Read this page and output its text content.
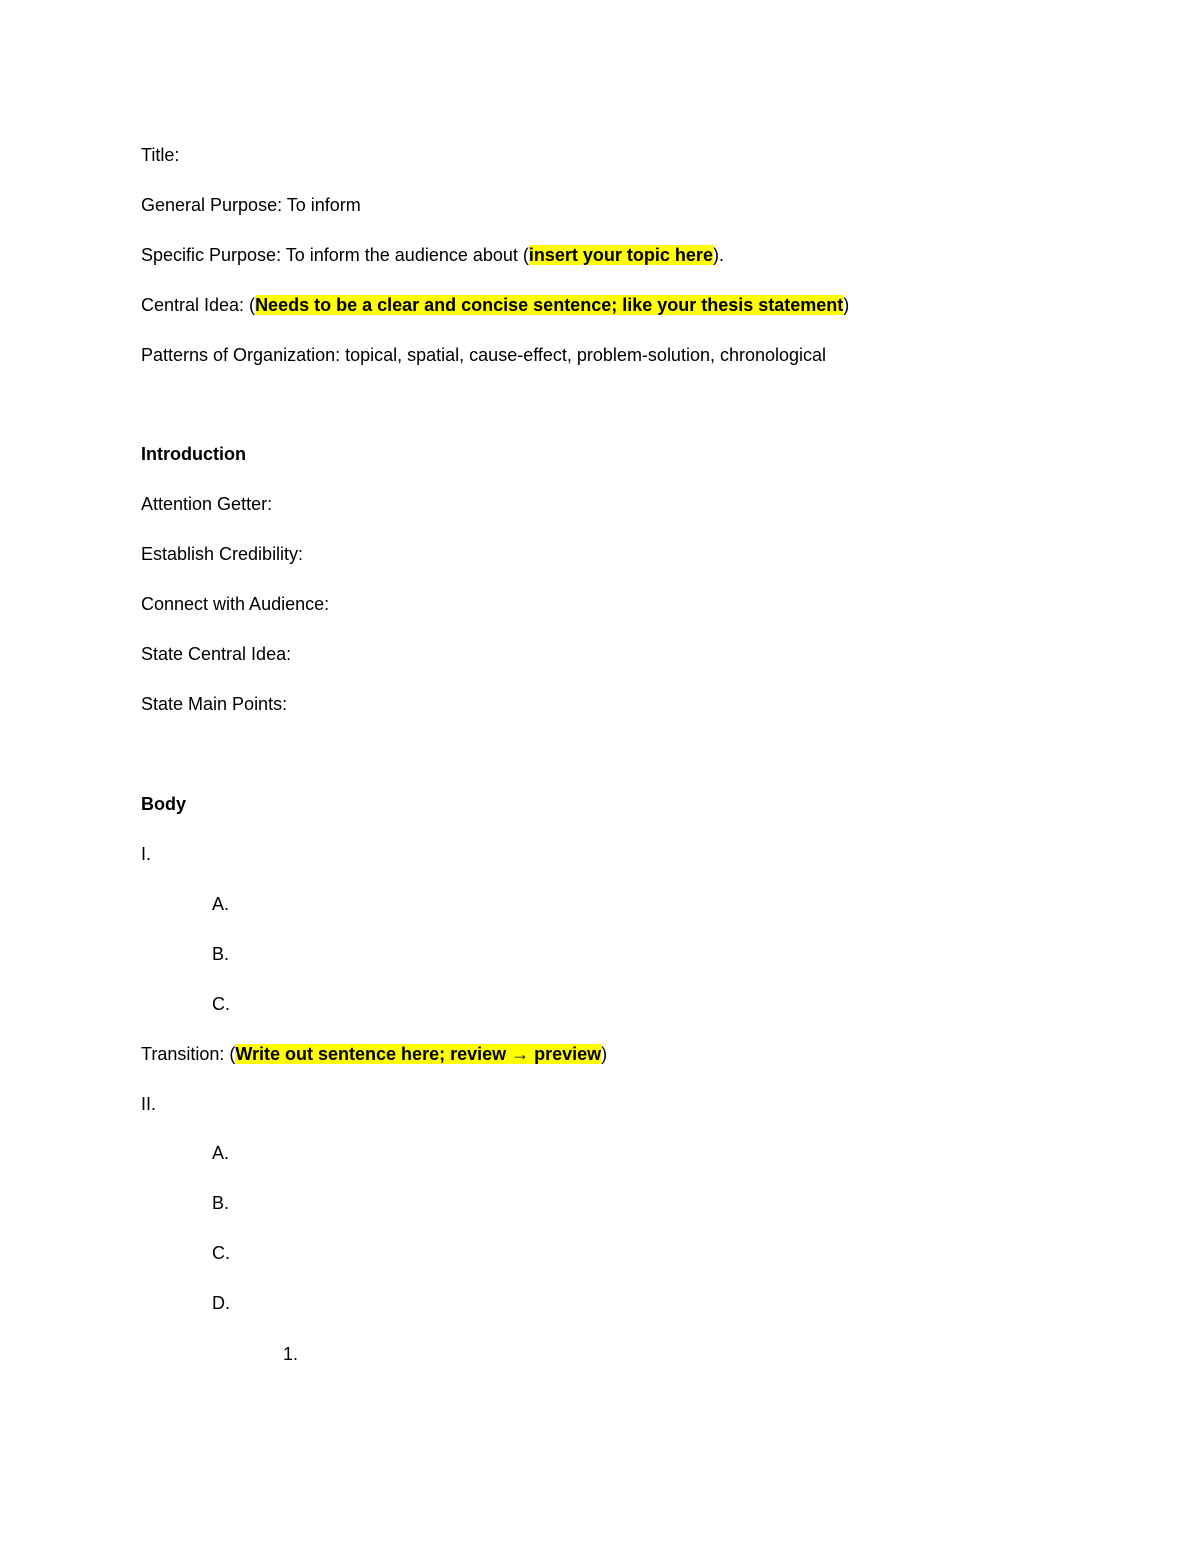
Title:
General Purpose: To inform
Specific Purpose: To inform the audience about (insert your topic here).
Central Idea: (Needs to be a clear and concise sentence; like your thesis statement)
Patterns of Organization: topical, spatial, cause-effect, problem-solution, chronological
Introduction
Attention Getter:
Establish Credibility:
Connect with Audience:
State Central Idea:
State Main Points:
Body
I.
A.
B.
C.
Transition: (Write out sentence here; review → preview)
II.
A.
B.
C.
D.
1.
